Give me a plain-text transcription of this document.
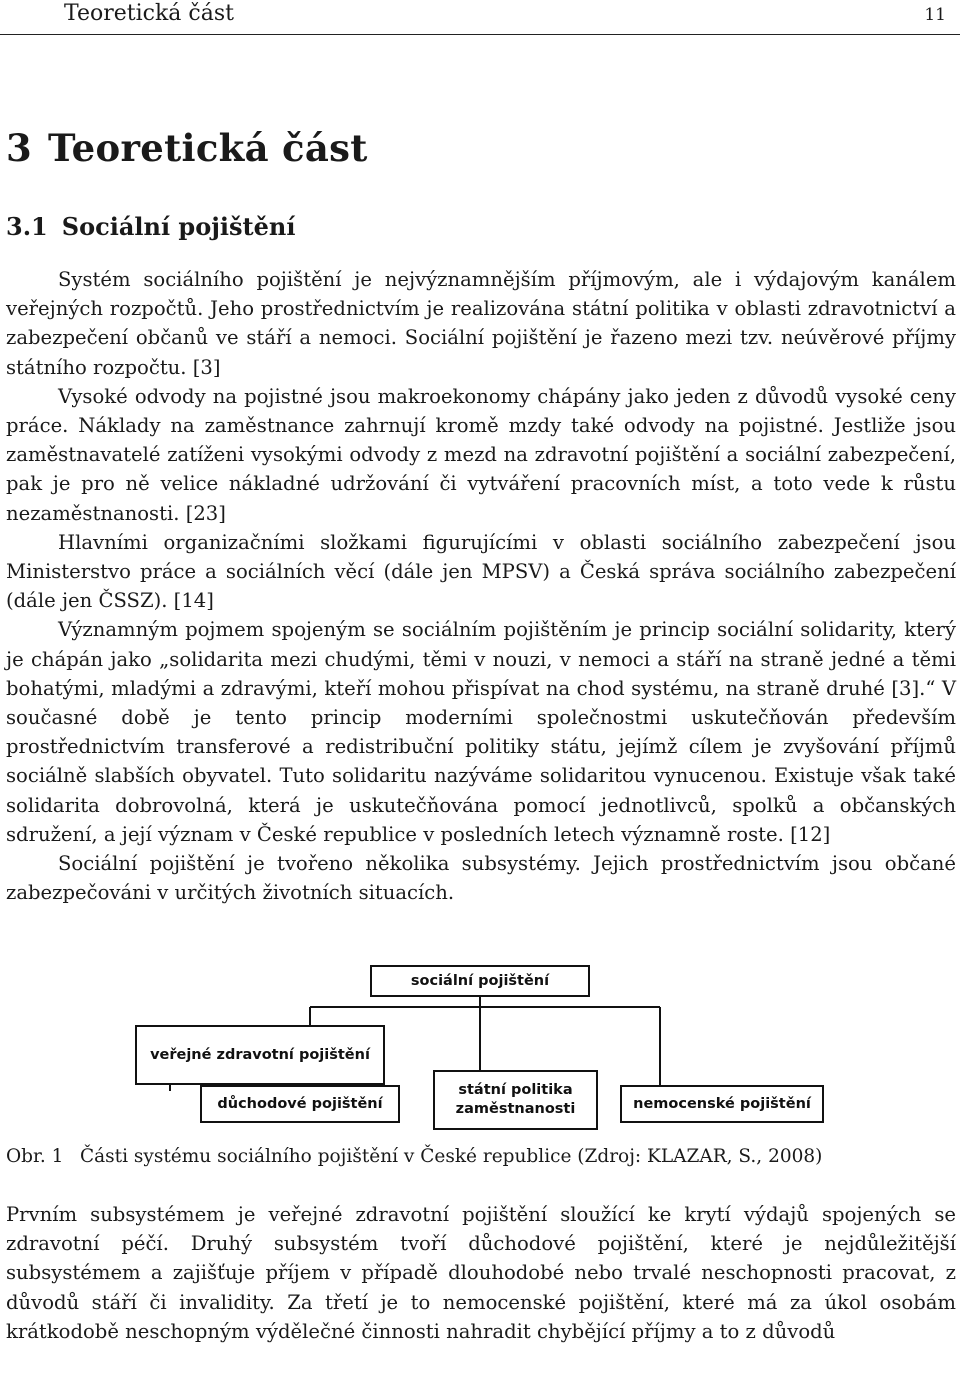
Teoretická část	11
3 Teoretická část
3.1 Sociální pojištění

Systém sociálního pojištění je nejvýznamnějším příjmovým, ale i výdajovým kanálem veřejných rozpočtů. Jeho prostřednictvím je realizována státní politika v oblasti zdravotnictví a zabezpečení občanů ve stáří a nemoci. Sociální pojištění je řazeno mezi tzv. neúvěrové příjmy státního rozpočtu. [3]

Vysoké odvody na pojistné jsou makroekonomy chápány jako jeden z důvodů vysoké ceny práce. Náklady na zaměstnance zahrnují kromě mzdy také odvody na pojistné. Jestliže jsou zaměstnavatelé zatíženi vysokými odvody z mezd na zdravotní pojištění a sociální zabezpečení, pak je pro ně velice nákladné udržování či vytváření pracovních míst, a toto vede k růstu nezaměstnanosti. [23]

Hlavními organizačními složkami figurujícími v oblasti sociálního zabezpečení jsou Ministerstvo práce a sociálních věcí (dále jen MPSV) a Česká správa sociálního zabezpečení (dále jen ČSSZ). [14]

Významným pojmem spojeným se sociálním pojištěním je princip sociální solidarity, který je chápán jako „solidarita mezi chudými, těmi v nouzi, v nemoci a stáří na straně jedné a těmi bohatými, mladými a zdravými, kteří mohou přispívat na chod systému, na straně druhé [3].“ V současné době je tento princip moderními společnostmi uskutečňován především prostřednictvím transferové a redistribuční politiky státu, jejímž cílem je zvyšování příjmů sociálně slabších obyvatel. Tuto solidaritu nazýváme solidaritou vynucenou. Existuje však také solidarita dobrovolná, která je uskutečňována pomocí jednotlivců, spolků a občanských sdružení, a její význam v České republice v posledních letech významně roste. [12]

Sociální pojištění je tvořeno několika subsystémy. Jejich prostřednictvím jsou občané zabezpečováni v určitých životních situacích.

sociální pojištění
veřejné zdravotní pojištění
důchodové pojištění
státní politika zaměstnanosti	nemocenské pojištění
Obr. 1 Části systému sociálního pojištění v České republice (Zdroj: KLAZAR, S., 2008)

Prvním subsystémem je veřejné zdravotní pojištění sloužící ke krytí výdajů spojených se zdravotní péčí. Druhý subsystém tvoří důchodové pojištění, které je nejdůležitější subsystémem a zajišťuje příjem v případě dlouhodobé nebo trvalé neschopnosti pracovat, z důvodů stáří či invalidity. Za třetí je to nemocenské pojištění, které má za úkol osobám krátkodobě neschopným výdělečné činnosti nahradit chybějící příjmy a to z důvodů
